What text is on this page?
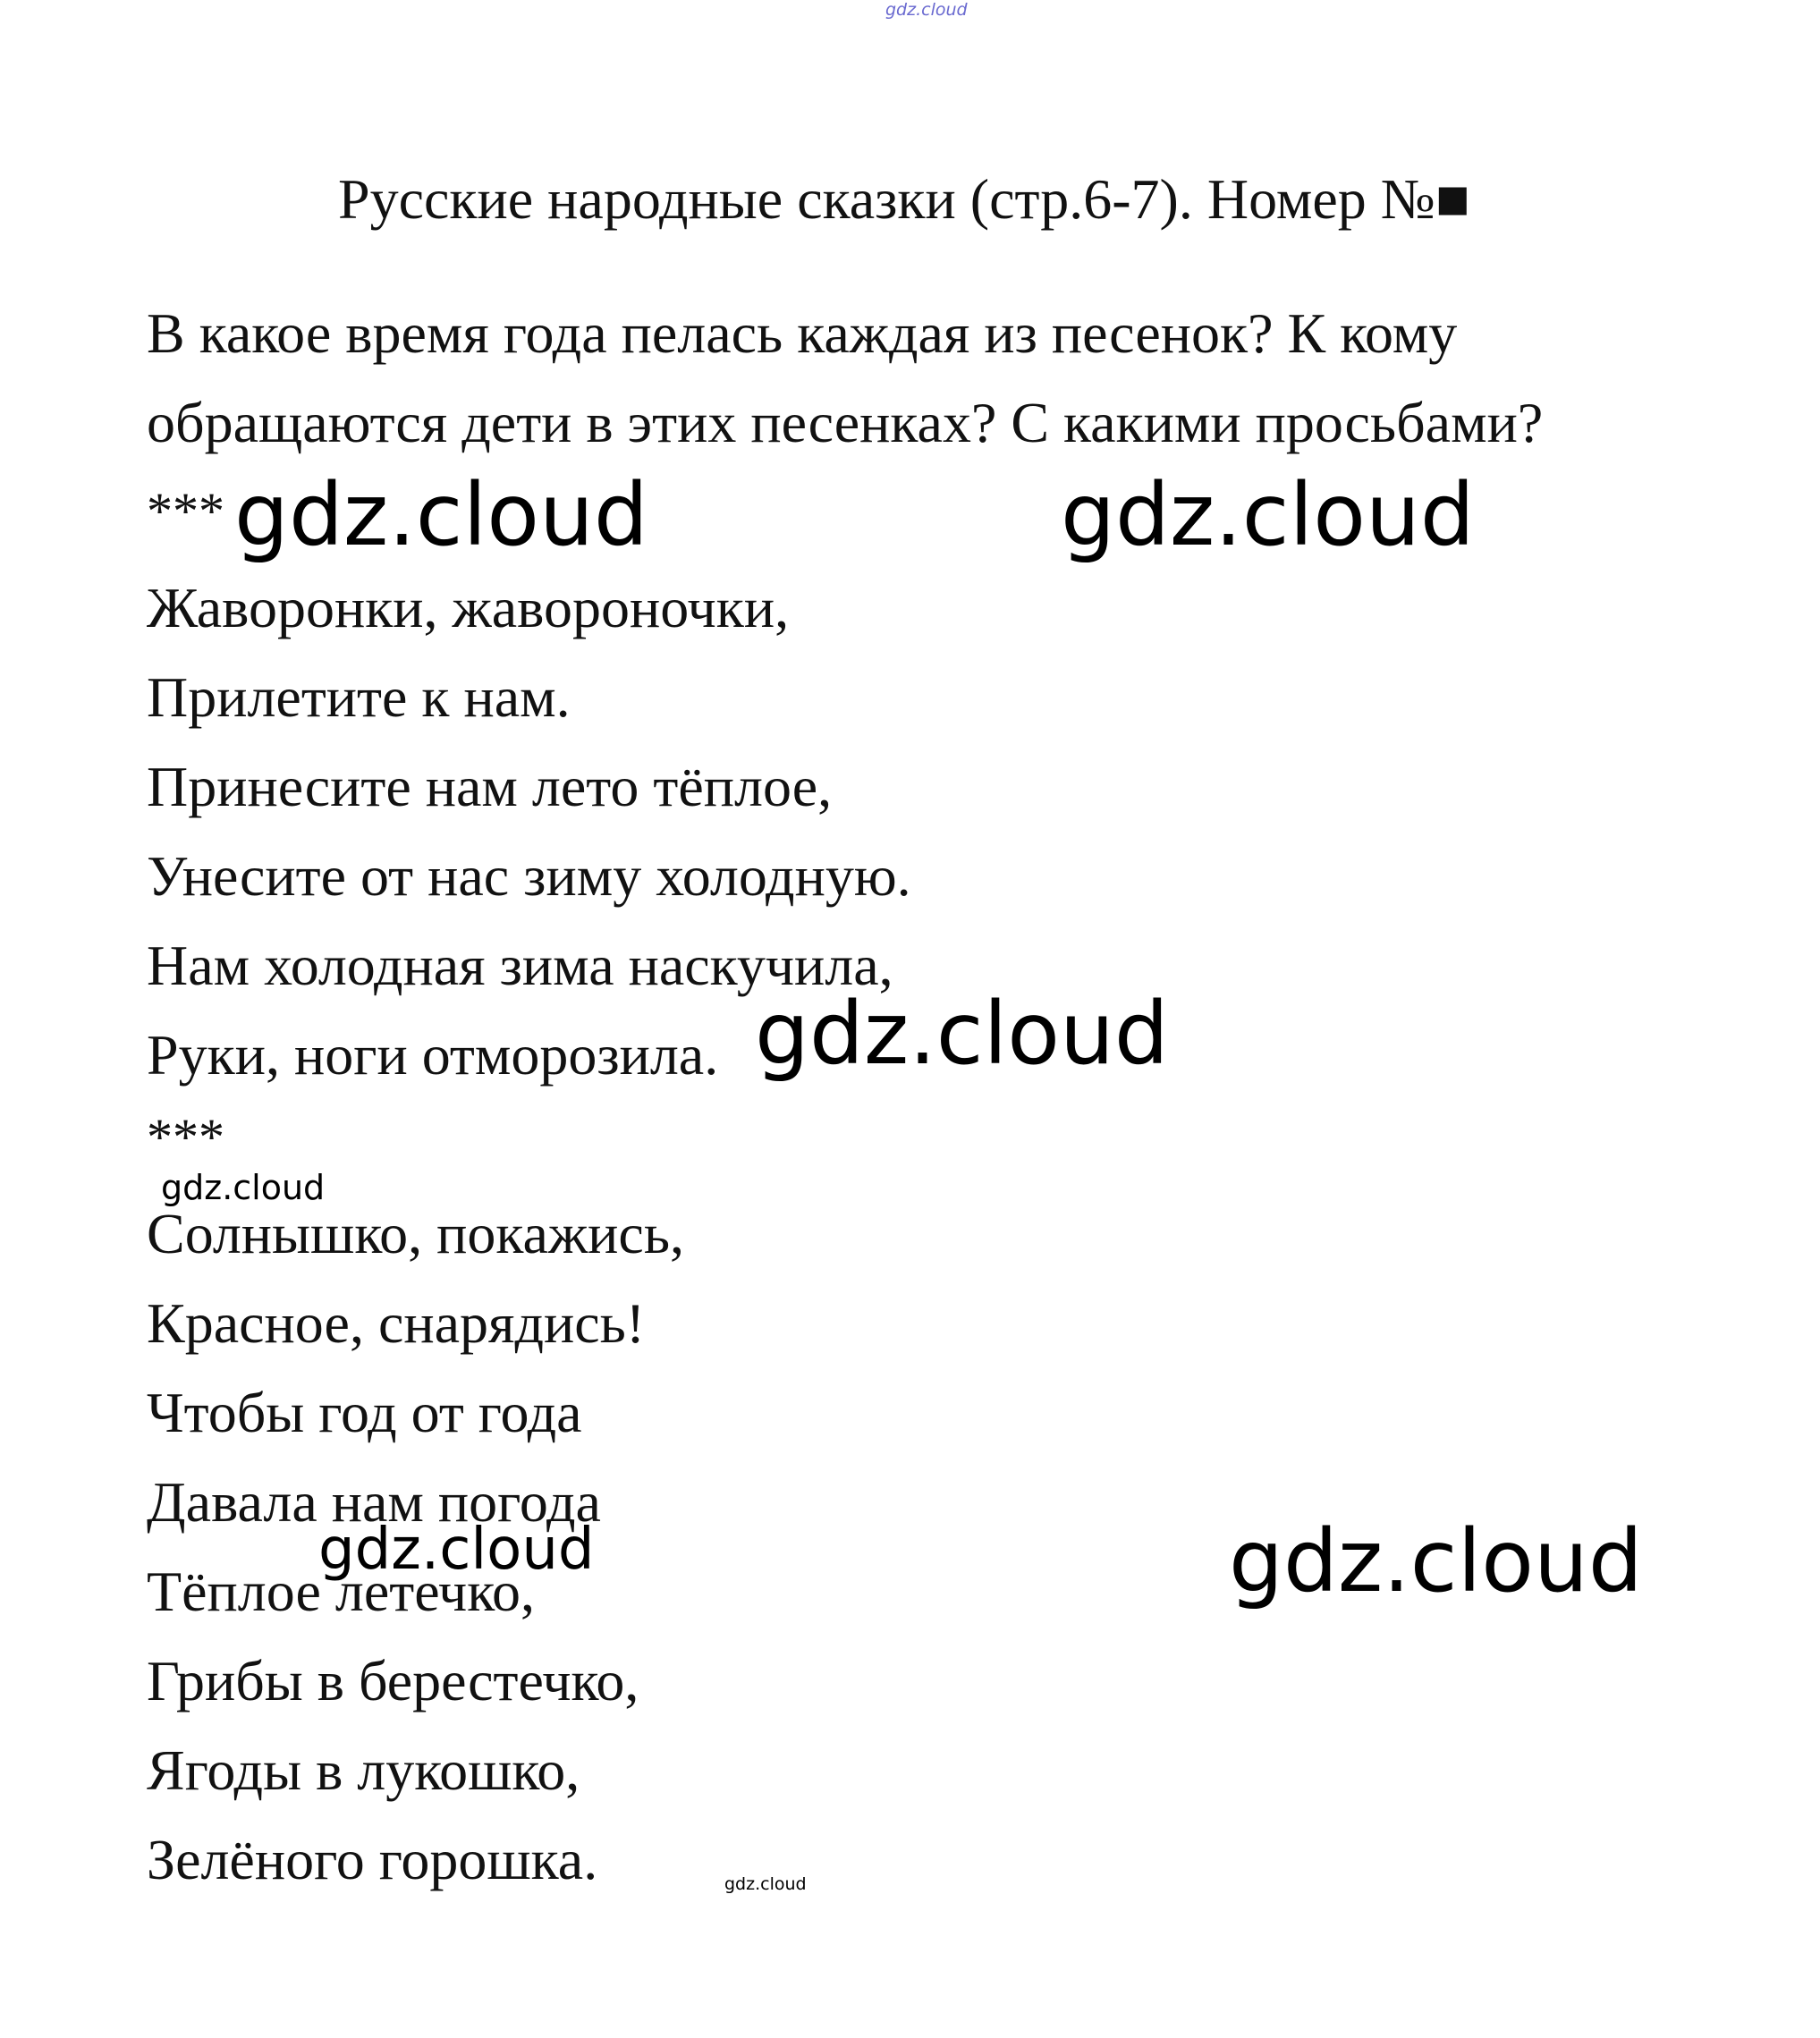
gdz.cloud
Русские народные сказки (стр.6-7). Номер №■
В какое время года пелась каждая из песенок? К кому
обращаются дети в этих песенках? С какими просьбами?
***
Жаворонки, жавороночки,
Прилетите к нам.
Принесите нам лето тёплое,
Унесите от нас зиму холодную.
Нам холодная зима наскучила,
Руки, ноги отморозила.
***
Солнышко, покажись,
Красное, снарядись!
Чтобы год от года
Давала нам погода
Тёплое летечко,
Грибы в берестечко,
Ягоды в лукошко,
Зелёного горошка.
gdz.cloud	gdz.cloud
gdz.cloud
gdz.cloud
gdz.cloud	gdz.cloud
gdz.cloud
